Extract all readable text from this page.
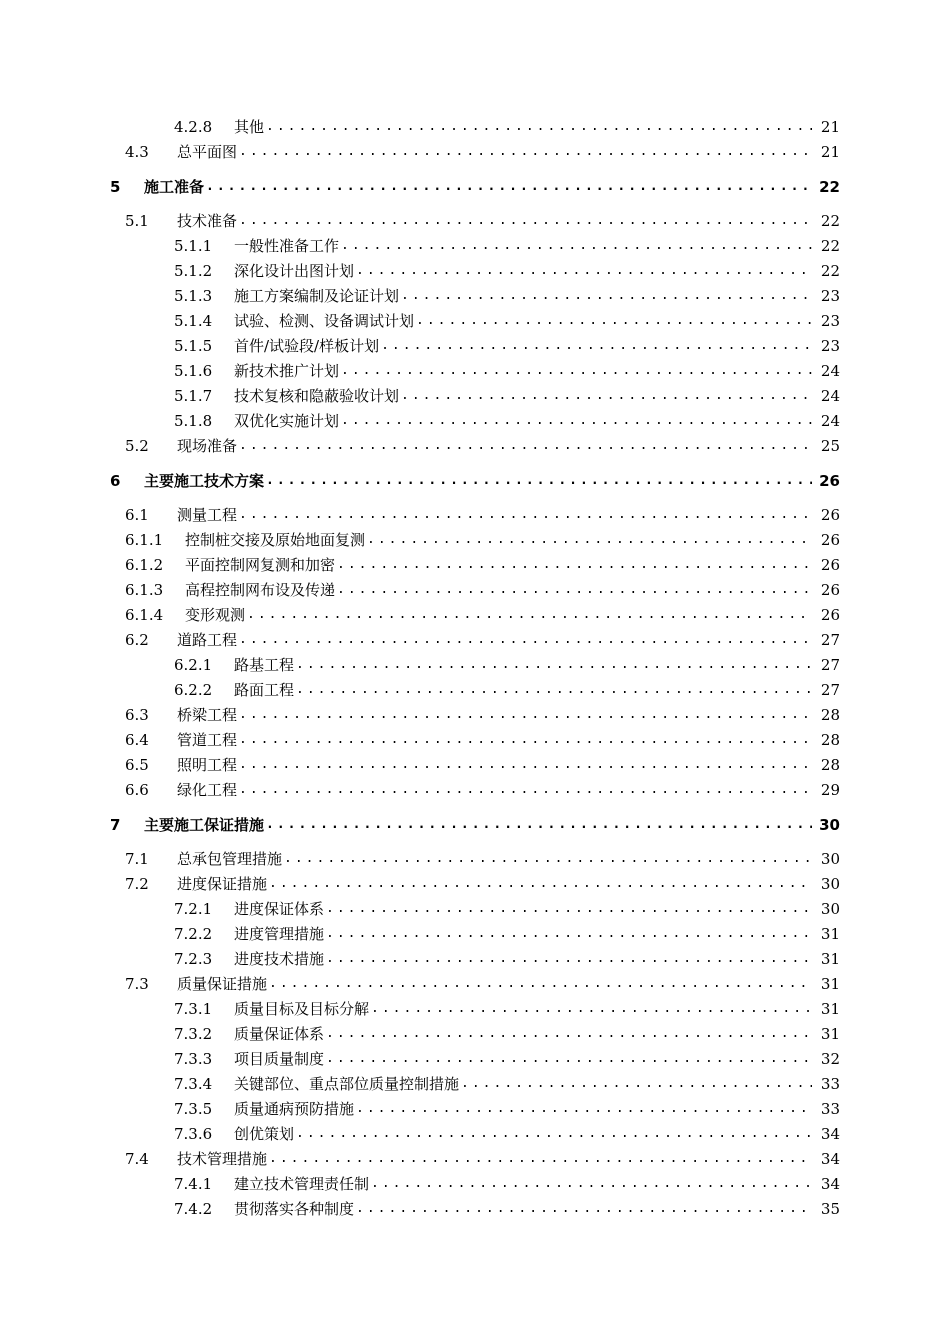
4.2.8	其他 .....	21
4.3	总平面图 .....	21
5	施工准备 .....	22
5.1	技术准备 .....	22
5.1.1	一般性准备工作 .....	22
5.1.2	深化设计出图计划 .....	22
5.1.3	施工方案编制及论证计划 .....	23
5.1.4	试验、检测、设备调试计划 .....	23
5.1.5	首件/试验段/样板计划 .....	23
5.1.6	新技术推广计划 .....	24
5.1.7	技术复核和隐蔽验收计划 .....	24
5.1.8	双优化实施计划 .....	24
5.2	现场准备 .....	25
6	主要施工技术方案 .....	26
6.1	测量工程 .....	26
6.1.1	控制桩交接及原始地面复测 .....	26
6.1.2	平面控制网复测和加密 .....	26
6.1.3	高程控制网布设及传递 .....	26
6.1.4	变形观测 .....	26
6.2	道路工程 .....	27
6.2.1	路基工程 .....	27
6.2.2	路面工程 .....	27
6.3	桥梁工程 .....	28
6.4	管道工程 .....	28
6.5	照明工程 .....	28
6.6	绿化工程 .....	29
7	主要施工保证措施 .....	30
7.1	总承包管理措施 .....	30
7.2	进度保证措施 .....	30
7.2.1	进度保证体系 .....	30
7.2.2	进度管理措施 .....	31
7.2.3	进度技术措施 .....	31
7.3	质量保证措施 .....	31
7.3.1	质量目标及目标分解 .....	31
7.3.2	质量保证体系 .....	31
7.3.3	项目质量制度 .....	32
7.3.4	关键部位、重点部位质量控制措施 .....	33
7.3.5	质量通病预防措施 .....	33
7.3.6	创优策划 .....	34
7.4	技术管理措施 .....	34
7.4.1	建立技术管理责任制 .....	34
7.4.2	贯彻落实各种制度 .....	35
